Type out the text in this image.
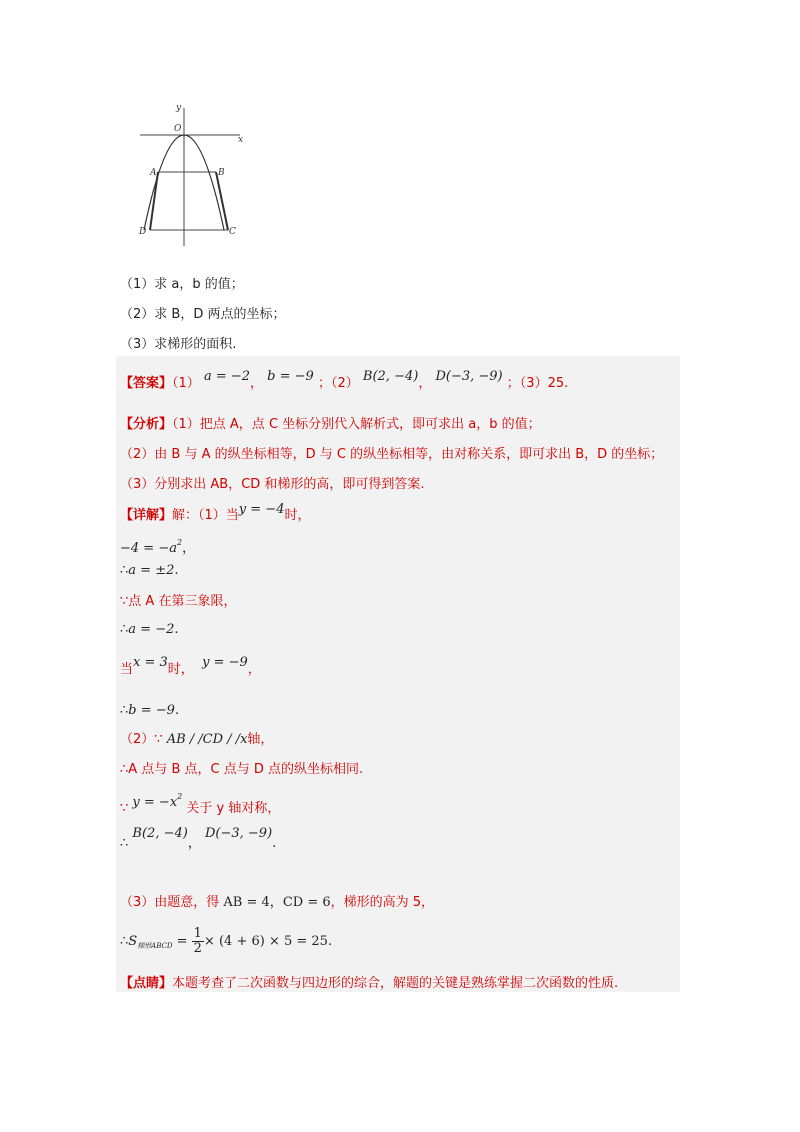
y
x
O
A	B
C
D
（1）求 a，b 的值；
（2）求 B，D 两点的坐标；
（3）求梯形的面积.
【答案】（1） a = −2， b = −9 ；（2） B(2, −4)， D(−3, −9) ；（3）25.
【分析】（1）把点 A，点 C 坐标分别代入解析式，即可求出 a，b 的值；
（2）由 B 与 A 的纵坐标相等，D 与 C 的纵坐标相等，由对称关系，即可求出 B，D 的坐标；
（3）分别求出 AB，CD 和梯形的高，即可得到答案.
【详解】解：（1）当y = −4时，
$-4 = -a^2$，
∴a = ±2.
∵点 A 在第三象限，
∴a = −2.
当x = 3时， y = −9，
∴b = −9.
（2）∵ AB / /CD / /x轴，
∴A 点与 B 点，C 点与 D 点的纵坐标相同.
∵ $y = -x^2$ 关于 y 轴对称，
∴ B(2, −4)， D(−3, −9).
（3）由题意，得 AB = 4，CD = 6，梯形的高为 5，
$\therefore S_{梯形ABCD} = \frac{1}{2} \times (4 + 6) \times 5 = 25$.
【点睛】本题考查了二次函数与四边形的综合，解题的关键是熟练掌握二次函数的性质.
